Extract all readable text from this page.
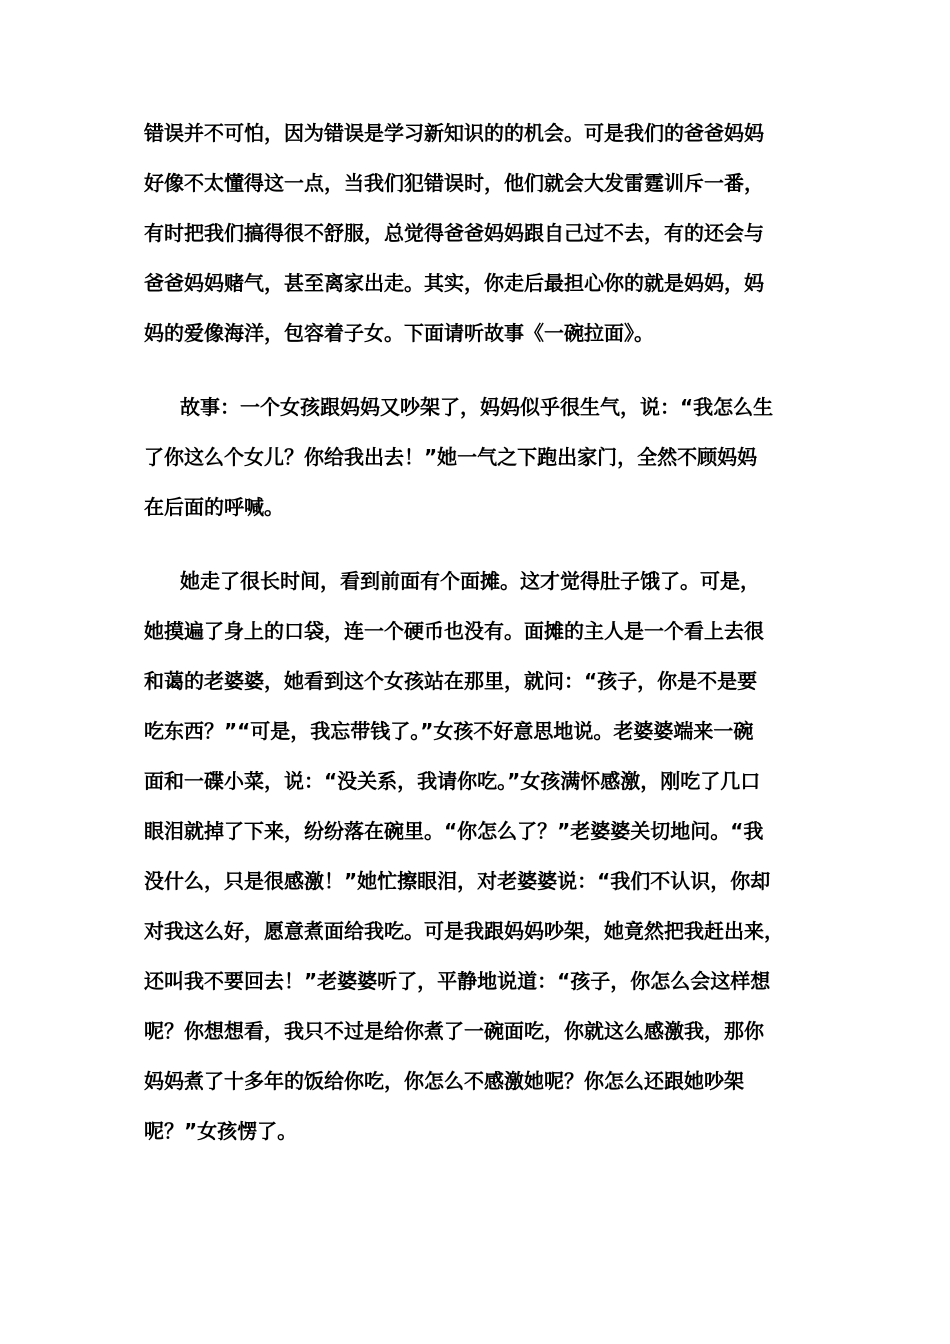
错误并不可怕，因为错误是学习新知识的的机会。可是我们的爸爸妈妈
好像不太懂得这一点，当我们犯错误时，他们就会大发雷霆训斥一番，
有时把我们搞得很不舒服，总觉得爸爸妈妈跟自己过不去，有的还会与
爸爸妈妈赌气，甚至离家出走。其实，你走后最担心你的就是妈妈，妈
妈的爱像海洋，包容着子女。下面请听故事《一碗拉面》。
故事：一个女孩跟妈妈又吵架了，妈妈似乎很生气，说：“我怎么生
了你这么个女儿？你给我出去！”她一气之下跑出家门，全然不顾妈妈
在后面的呼喊。
她走了很长时间，看到前面有个面摊。这才觉得肚子饿了。可是，
她摸遍了身上的口袋，连一个硬币也没有。面摊的主人是一个看上去很
和蔼的老婆婆，她看到这个女孩站在那里，就问：“孩子，你是不是要
吃东西？”“可是，我忘带钱了。”女孩不好意思地说。老婆婆端来一碗
面和一碟小菜，说：“没关系，我请你吃。”女孩满怀感激，刚吃了几口
眼泪就掉了下来，纷纷落在碗里。“你怎么了？”老婆婆关切地问。“我
没什么，只是很感激！”她忙擦眼泪，对老婆婆说：“我们不认识，你却
对我这么好，愿意煮面给我吃。可是我跟妈妈吵架，她竟然把我赶出来，
还叫我不要回去！”老婆婆听了，平静地说道：“孩子，你怎么会这样想
呢？你想想看，我只不过是给你煮了一碗面吃，你就这么感激我，那你
妈妈煮了十多年的饭给你吃，你怎么不感激她呢？你怎么还跟她吵架
呢？”女孩愣了。
